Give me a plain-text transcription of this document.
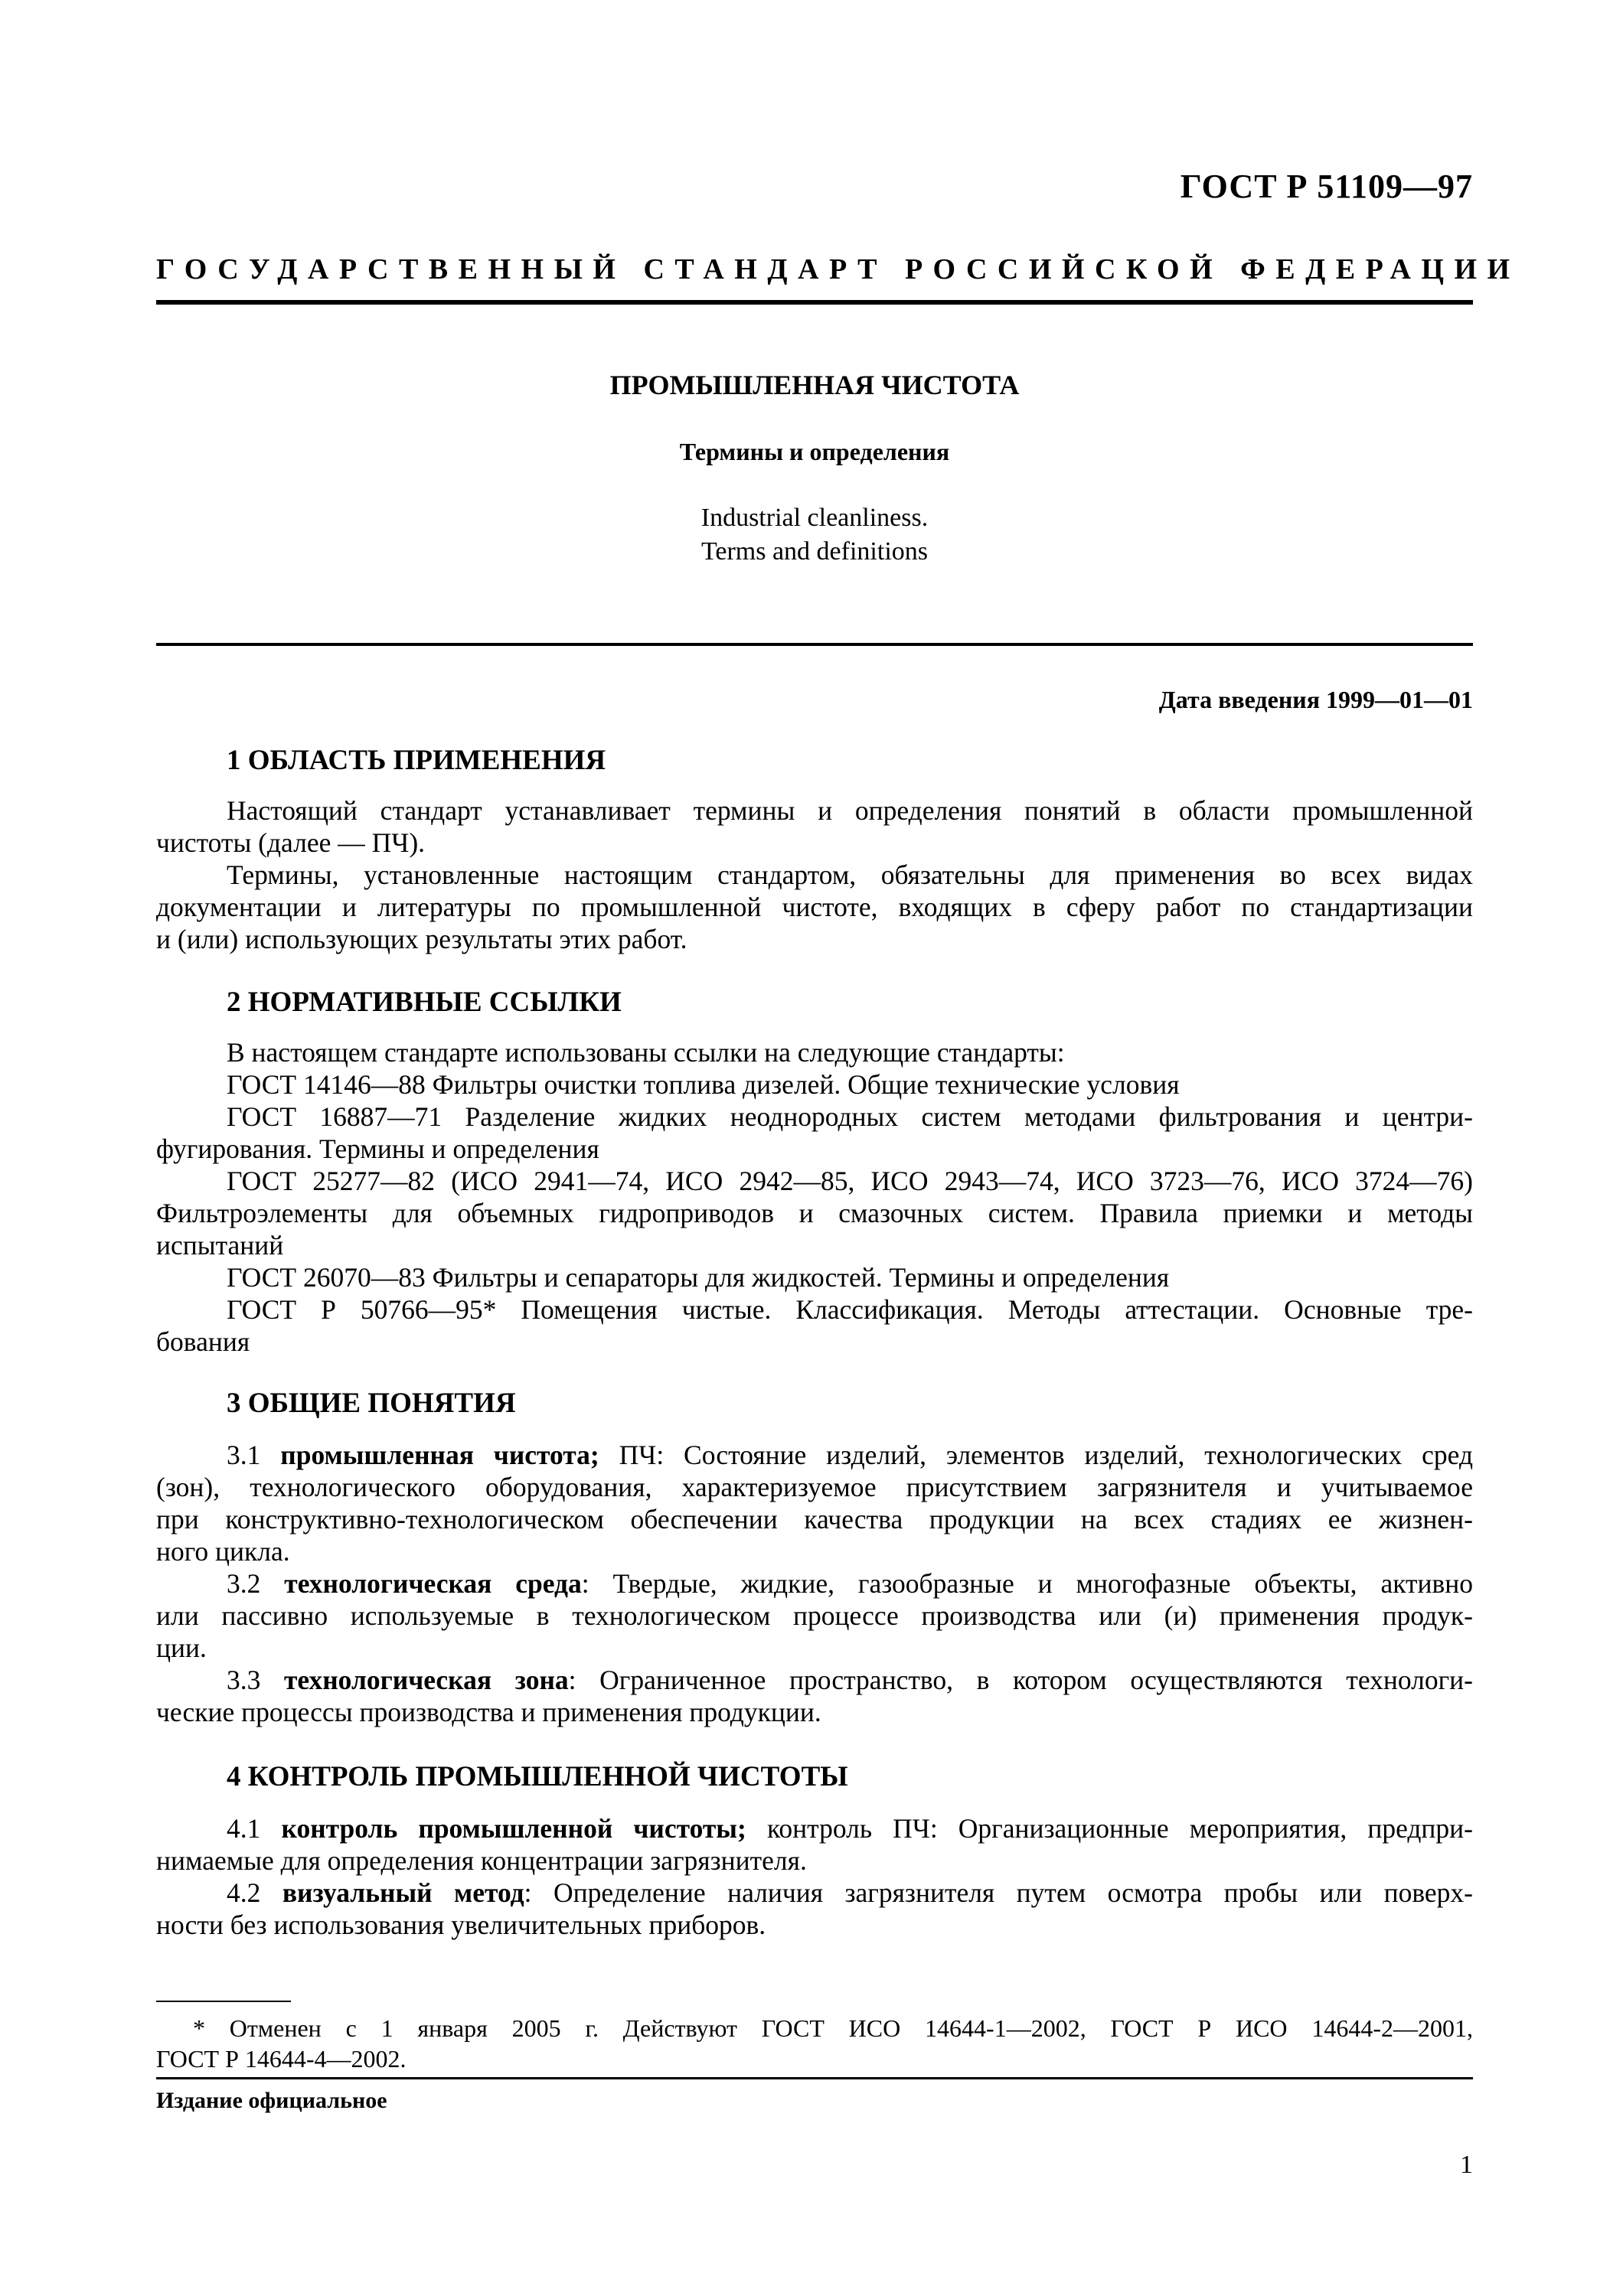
ГОСТ Р 51109—97
ГОСУДАРСТВЕННЫЙ СТАНДАРТ РОССИЙСКОЙ ФЕДЕРАЦИИ
ПРОМЫШЛЕННАЯ ЧИСТОТА
Термины и определения
Industrial cleanliness.
Terms and definitions
Дата введения 1999—01—01
1 ОБЛАСТЬ ПРИМЕНЕНИЯ
Настоящий стандарт устанавливает термины и определения понятий в области промышленной
чистоты (далее — ПЧ).
Термины, установленные настоящим стандартом, обязательны для применения во всех видах
документации и литературы по промышленной чистоте, входящих в сферу работ по стандартизации
и (или) использующих результаты этих работ.
2 НОРМАТИВНЫЕ ССЫЛКИ
В настоящем стандарте использованы ссылки на следующие стандарты:
ГОСТ 14146—88 Фильтры очистки топлива дизелей. Общие технические условия
ГОСТ 16887—71 Разделение жидких неоднородных систем методами фильтрования и центри-
фугирования. Термины и определения
ГОСТ 25277—82 (ИСО 2941—74, ИСО 2942—85, ИСО 2943—74, ИСО 3723—76, ИСО 3724—76)
Фильтроэлементы для объемных гидроприводов и смазочных систем. Правила приемки и методы
испытаний
ГОСТ 26070—83 Фильтры и сепараторы для жидкостей. Термины и определения
ГОСТ Р 50766—95* Помещения чистые. Классификация. Методы аттестации. Основные тре-
бования
3 ОБЩИЕ ПОНЯТИЯ
3.1 промышленная чистота; ПЧ: Состояние изделий, элементов изделий, технологических сред
(зон), технологического оборудования, характеризуемое присутствием загрязнителя и учитываемое
при конструктивно-технологическом обеспечении качества продукции на всех стадиях ее жизнен-
ного цикла.
3.2 технологическая среда: Твердые, жидкие, газообразные и многофазные объекты, активно
или пассивно используемые в технологическом процессе производства или (и) применения продук-
ции.
3.3 технологическая зона: Ограниченное пространство, в котором осуществляются технологи-
ческие процессы производства и применения продукции.
4 КОНТРОЛЬ ПРОМЫШЛЕННОЙ ЧИСТОТЫ
4.1 контроль промышленной чистоты; контроль ПЧ: Организационные мероприятия, предпри-
нимаемые для определения концентрации загрязнителя.
4.2 визуальный метод: Определение наличия загрязнителя путем осмотра пробы или поверх-
ности без использования увеличительных приборов.
* Отменен с 1 января 2005 г. Действуют ГОСТ ИСО 14644-1—2002, ГОСТ Р ИСО 14644-2—2001,
ГОСТ Р 14644-4—2002.
Издание официальное
1
